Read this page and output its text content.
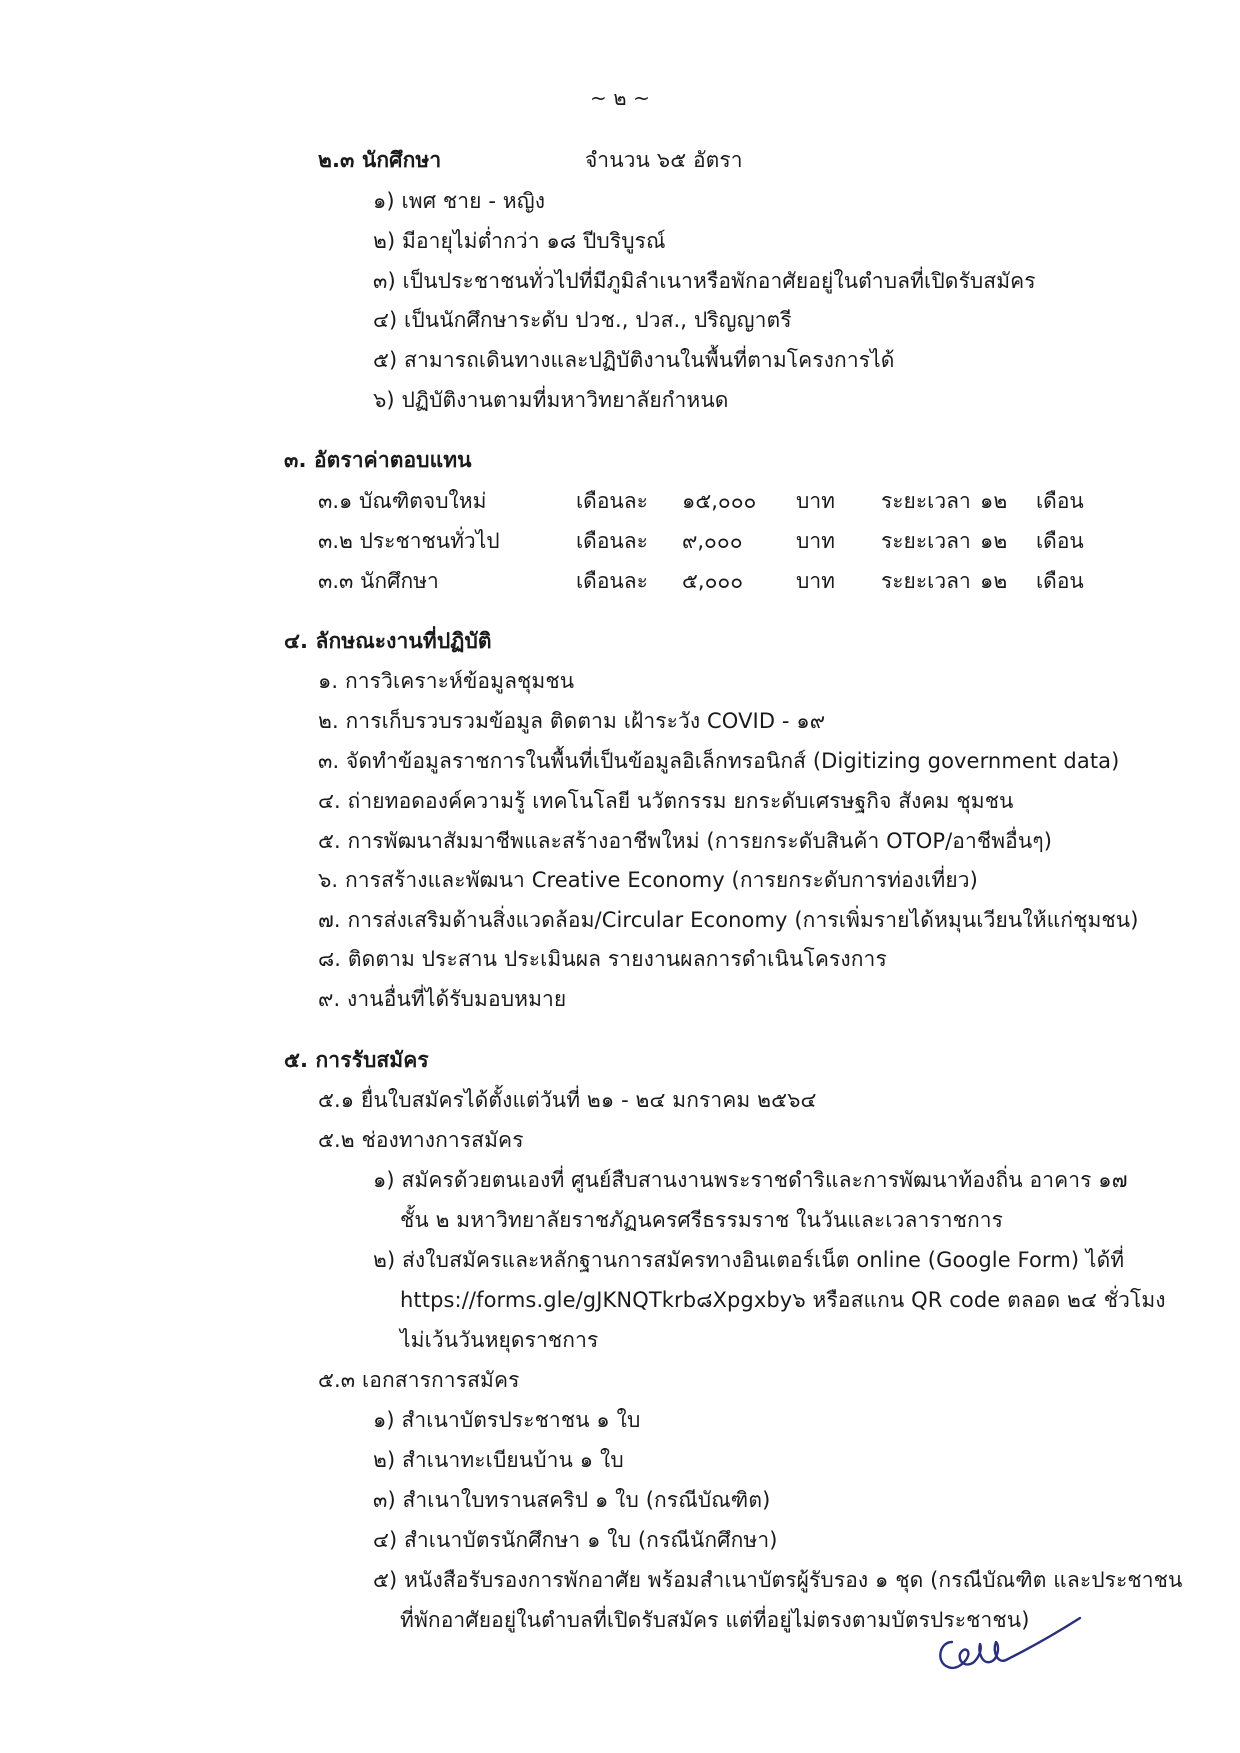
~ ๒ ~
๒.๓ นักศึกษา	จำนวน ๖๕ อัตรา
๑) เพศ ชาย - หญิง
๒) มีอายุไม่ต่ำกว่า ๑๘ ปีบริบูรณ์
๓) เป็นประชาชนทั่วไปที่มีภูมิลำเนาหรือพักอาศัยอยู่ในตำบลที่เปิดรับสมัคร
๔) เป็นนักศึกษาระดับ ปวช., ปวส., ปริญญาตรี
๕) สามารถเดินทางและปฏิบัติงานในพื้นที่ตามโครงการได้
๖) ปฏิบัติงานตามที่มหาวิทยาลัยกำหนด
๓. อัตราค่าตอบแทน
๓.๑ บัณฑิตจบใหม่	เดือนละ ๑๕,๐๐๐ บาท ระยะเวลา ๑๒ เดือน
๓.๒ ประชาชนทั่วไป	เดือนละ ๙,๐๐๐	บาท ระยะเวลา ๑๒ เดือน
๓.๓ นักศึกษา	เดือนละ ๕,๐๐๐	บาท ระยะเวลา ๑๒ เดือน
๔. ลักษณะงานที่ปฏิบัติ
๑. การวิเคราะห์ข้อมูลชุมชน
๒. การเก็บรวบรวมข้อมูล ติดตาม เฝ้าระวัง COVID - ๑๙
๓. จัดทำข้อมูลราชการในพื้นที่เป็นข้อมูลอิเล็กทรอนิกส์ (Digitizing government data)
๔. ถ่ายทอดองค์ความรู้ เทคโนโลยี นวัตกรรม ยกระดับเศรษฐกิจ สังคม ชุมชน
๕. การพัฒนาสัมมาชีพและสร้างอาชีพใหม่ (การยกระดับสินค้า OTOP/อาชีพอื่นๆ)
๖. การสร้างและพัฒนา Creative Economy (การยกระดับการท่องเที่ยว)
๗. การส่งเสริมด้านสิ่งแวดล้อม/Circular Economy (การเพิ่มรายได้หมุนเวียนให้แก่ชุมชน)
๘. ติดตาม ประสาน ประเมินผล รายงานผลการดำเนินโครงการ
๙. งานอื่นที่ได้รับมอบหมาย
๕. การรับสมัคร
๕.๑ ยื่นใบสมัครได้ตั้งแต่วันที่ ๒๑ - ๒๔ มกราคม ๒๕๖๔
๕.๒ ช่องทางการสมัคร
๑) สมัครด้วยตนเองที่ ศูนย์สืบสานงานพระราชดำริและการพัฒนาท้องถิ่น อาคาร ๑๗
ชั้น ๒ มหาวิทยาลัยราชภัฏนครศรีธรรมราช ในวันและเวลาราชการ
๒) ส่งใบสมัครและหลักฐานการสมัครทางอินเตอร์เน็ต online (Google Form) ได้ที่
https://forms.gle/gJKNQTkrb๘Xpgxby๖ หรือสแกน QR code ตลอด ๒๔ ชั่วโมง
ไม่เว้นวันหยุดราชการ
๕.๓ เอกสารการสมัคร
๑) สำเนาบัตรประชาชน ๑ ใบ
๒) สำเนาทะเบียนบ้าน ๑ ใบ
๓) สำเนาใบทรานสคริป ๑ ใบ (กรณีบัณฑิต)
๔) สำเนาบัตรนักศึกษา ๑ ใบ (กรณีนักศึกษา)
๕) หนังสือรับรองการพักอาศัย พร้อมสำเนาบัตรผู้รับรอง ๑ ชุด (กรณีบัณฑิต และประชาชน
ที่พักอาศัยอยู่ในตำบลที่เปิดรับสมัคร แต่ที่อยู่ไม่ตรงตามบัตรประชาชน)
